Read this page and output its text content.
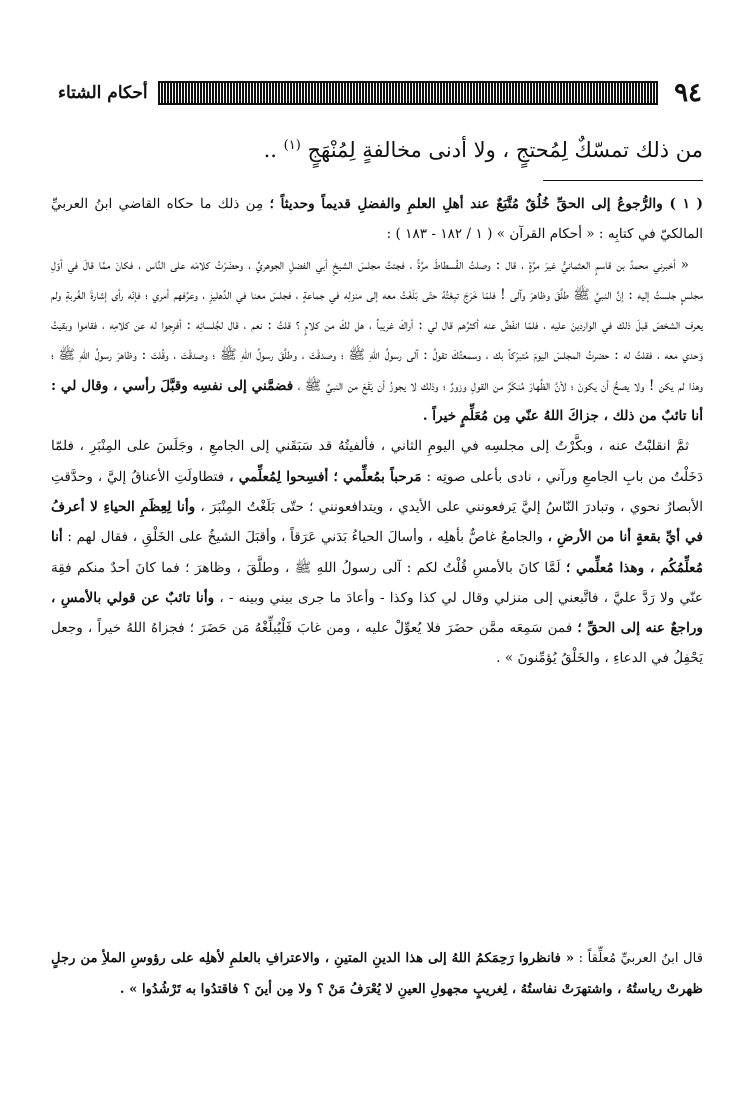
٩٤
أحكام الشتاء
من ذلك تمسّكٌ لِمُحتجٍ ، ولا أدنى مخالفةٍ لِمُنْهَجٍ $^{(١)}$ ..

( ١ ) والرُّجوعُ إلى الحقِّ خُلُقٌ مُتَّبَعٌ عند أهلِ العلمِ والفضلِ قديماً وحديثاً ؛ مِن ذلك ما حكاه القاضي ابنُ العربيِّ المالكيّ في كتابِه : « أحكام القرآن » ( ١ / ١٨٢ - ١٨٣ ) :

« أخبرني محمدُ بن قاسمٍ العثمانيُّ غيرَ مرَّةٍ ، قال : وصلتُ الفُسطاطَ مرَّةً ، فجئتُ مجلسَ الشيخِ أبي الفضلِ الجوهريِّ ، وحضَرْتُ كلامَه على النَّاس ، فكانَ ممَّا قالَ في أوّلِ مجلسٍ جلستُ إليه : إنَّ النبيَّ ﷺ طلَّقَ وظاهرَ وآلى ! فلمّا خَرَجَ تبِعْتُهُ حتّى بَلَغْتُ معه إلى منزلِه في جماعةٍ ، فجلسَ معنا في الدِّهليزِ ، وعرَّفهم أمري ؛ فإنّه رأى إشارةَ الغُربةِ ولم يعرف الشخصَ قبلَ ذلك في الواردينَ عليه ، فلمّا انفَضَّ عنه أكثرُهم قال لي : أراكَ غريباً ، هل لكَ من كلامٍ ؟ قلتُ : نعم ، قال لجُلسائِه : أفرِجوا له عن كلامِه ، فقاموا وبقيتُ وَحدي معه ، فقلتُ له : حضرتُ المجلسَ اليومَ مُتبرّكاً بك ، وسمعتُكَ تقولُ : آلى رسولُ اللهِ ﷺ ؛ وصدقْتَ ، وطلَّقَ رسولُ اللهِ ﷺ ؛ وصدقْتَ ، وقُلتَ : وظاهرَ رسولُ اللهِ ﷺ ؛ وهذا لم يكن ! ولا يصحُّ أن يكونَ ؛ لأنَّ الظِّهارَ مُنكَرٌ من القولِ وزورٌ ؛ وذلك لا يجوزُ أن يَقَعَ من النبيِّ ﷺ ، فضمَّني إلى نفسِه وقبَّلَ رأسي ، وقال لي : أنا تائبٌ من ذلك ، جزاكَ اللهُ عنّي مِن مُعَلِّمٍ خيراً .

ثمَّ انقلبْتُ عنه ، وبكَّرْتُ إلى مجلسِه في اليومِ الثاني ، فألفيتُهُ قد سَبَقَني إلى الجامعِ ، وجَلَسَ على المِنْبَرِ ، فلمّا دَخَلْتُ من بابِ الجامعِ ورآني ، نادى بأعلى صوتِه : مَرحباً بمُعلِّمي ؛ أفسِحوا لِمُعلِّمي ، فتطاولَتِ الأعناقُ إليَّ ، وحدَّقتِ الأبصارُ نحوي ، وتبادرَ النّاسُ إليَّ يَرفعونني على الأيدي ، ويتدافعونني ؛ حتّى بَلَغْتُ المِنْبَرَ ، وأنا لِعِظَمِ الحياءِ لا أعرفُ في أيِّ بقعةٍ أنا من الأرضِ ، والجامعُ غاصٌّ بأهلِه ، وأسالَ الحياءُ بَدَني عَرَقاً ، وأقبَلَ الشيخُ على الخَلْقِ ، فقال لهم : أنا مُعلِّمُكُم ، وهذا مُعلِّمي ؛ لَمَّا كانَ بالأمسِ قُلْتُ لكم : آلى رسولُ اللهِ ﷺ ، وطلَّقَ ، وظاهرَ ؛ فما كانَ أحدٌ منكم فقِهَ عنّي ولا رَدَّ عليَّ ، فاتَّبعني إلى منزلي وقال لي كذا وكذا - وأعادَ ما جرى بيني وبينه - ، وأنا تائبٌ عن قولي بالأمسِ ، وراجعٌ عنه إلى الحقِّ ؛ فمن سَمِعَه ممَّن حضَرَ فلا يُعوِّلْ عليه ، ومن غابَ فَلْيُبلِّغْهُ مَن حَضَرَ ؛ فجزاهُ اللهُ خيراً ، وجعل يَحْفِلُ في الدعاءِ ، والخَلْقُ يُؤمِّنونَ » .

قال ابنُ العربيِّ مُعلِّقاً : « فانظروا رَحِمَكمُ اللهُ إلى هذا الدينِ المتينِ ، والاعترافِ بالعلمِ لأهلِه على رؤوسِ الملأِ من رجلٍ ظهرتْ رياستُهُ ، واشتهرَتْ نفاستُهُ ، لِغريبٍ مجهولِ العينِ لا يُعْرَفُ مَنْ ؟ ولا مِن أينَ ؟ فاقتدُوا به تَرْشُدُوا » .
